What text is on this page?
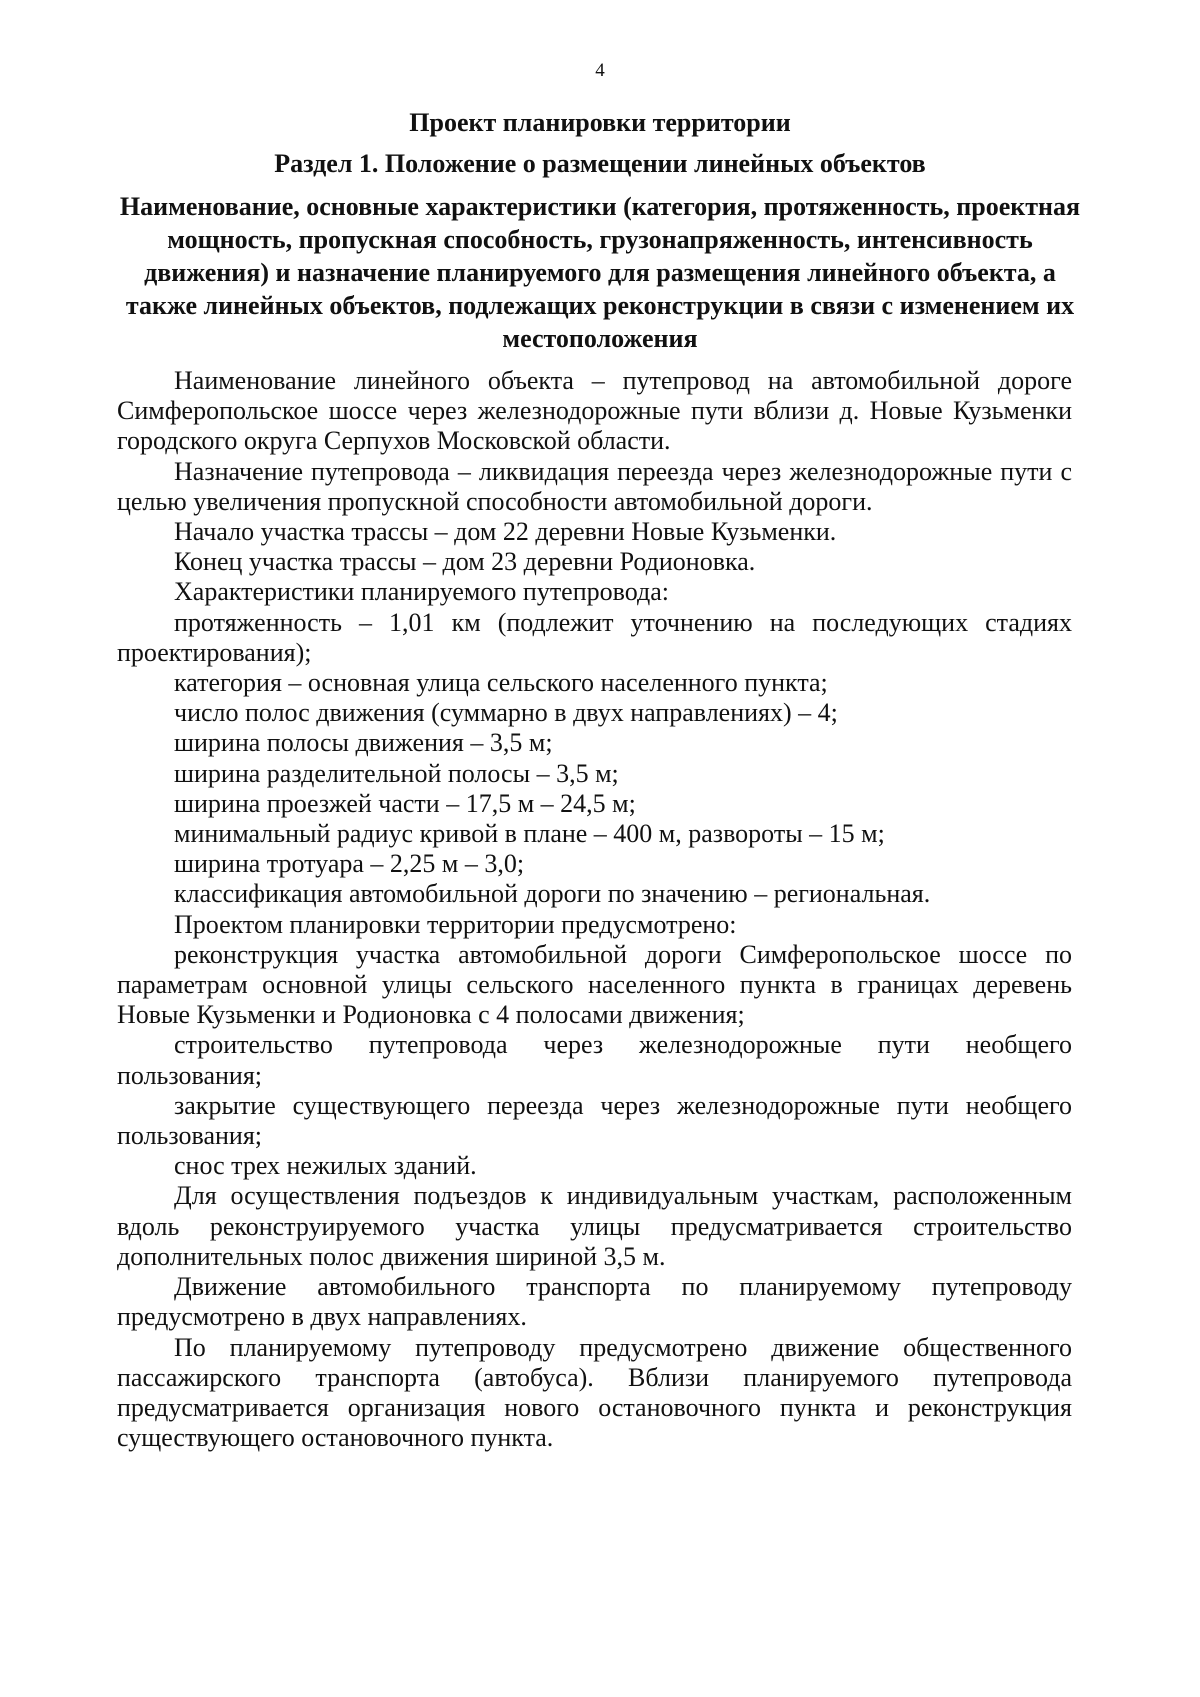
4
Проект планировки территории
Раздел 1. Положение о размещении линейных объектов
Наименование, основные характеристики (категория, протяженность, проектная мощность, пропускная способность, грузонапряженность, интенсивность движения) и назначение планируемого для размещения линейного объекта, а также линейных объектов, подлежащих реконструкции в связи с изменением их местоположения

Наименование линейного объекта – путепровод на автомобильной дороге Симферопольское шоссе через железнодорожные пути вблизи д. Новые Кузьменки городского округа Серпухов Московской области.

Назначение путепровода – ликвидация переезда через железнодорожные пути с целью увеличения пропускной способности автомобильной дороги.

Начало участка трассы – дом 22 деревни Новые Кузьменки.

Конец участка трассы – дом 23 деревни Родионовка.

Характеристики планируемого путепровода:

протяженность – 1,01 км (подлежит уточнению на последующих стадиях проектирования);

категория – основная улица сельского населенного пункта;

число полос движения (суммарно в двух направлениях) – 4;

ширина полосы движения – 3,5 м;

ширина разделительной полосы – 3,5 м;

ширина проезжей части – 17,5 м – 24,5 м;

минимальный радиус кривой в плане – 400 м, развороты – 15 м;

ширина тротуара – 2,25 м – 3,0;

классификация автомобильной дороги по значению – региональная.

Проектом планировки территории предусмотрено:

реконструкция участка автомобильной дороги Симферопольское шоссе по параметрам основной улицы сельского населенного пункта в границах деревень Новые Кузьменки и Родионовка с 4 полосами движения;

строительство путепровода через железнодорожные пути необщего пользования;

закрытие существующего переезда через железнодорожные пути необщего пользования;

снос трех нежилых зданий.

Для осуществления подъездов к индивидуальным участкам, расположенным вдоль реконструируемого участка улицы предусматривается строительство дополнительных полос движения шириной 3,5 м.

Движение автомобильного транспорта по планируемому путепроводу предусмотрено в двух направлениях.

По планируемому путепроводу предусмотрено движение общественного пассажирского транспорта (автобуса). Вблизи планируемого путепровода предусматривается организация нового остановочного пункта и реконструкция существующего остановочного пункта.
